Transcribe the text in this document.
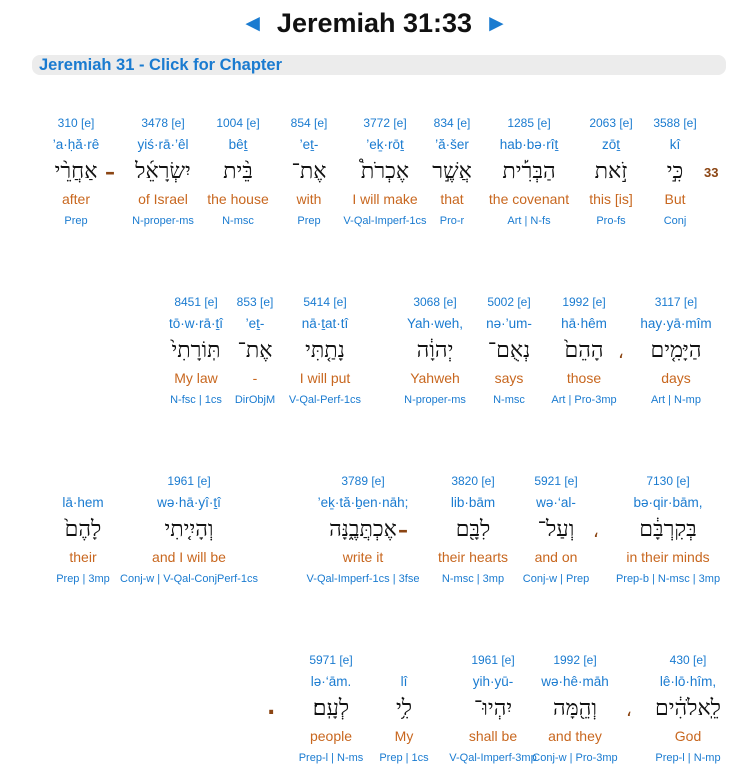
◄ Jeremiah 31:33 ►
Jeremiah 31 - Click for Chapter
33
3588 [e]
kî
כִּ֣י
But
Conj
2063 [e]
zōṯ
זֹ֣את
this [is]
Pro-fs
1285 [e]
hab·bə·rîṯ
הַבְּרִ֡ית
the covenant
Art | N-fs
834 [e]
’ă·šer
אֲשֶׁ֣ר
that
Pro-r
3772 [e]
’eḵ·rōṯ
אֶכְרֹת֩
I will make
V-Qal-Imperf-1cs
854 [e]
’eṯ-
אֶת־
with
Prep
1004 [e]
bêṯ
בֵּ֨ית
the house
N-msc
3478 [e]
yiś·rā·’êl
יִשְׂרָאֵ֜ל
of Israel
N-proper-ms
310 [e]
’a·ḥă·rê
אַחֲרֵ֨י
after
Prep
3117 [e]
hay·yā·mîm
הַיָּמִ֤ים
days
Art | N-mp
1992 [e]
hā·hêm
הָהֵם֙
those
Art | Pro-3mp
5002 [e]
nə·’um-
נְאֻם־
says
N-msc
3068 [e]
Yah·weh,
יְהוָ֔ה
Yahweh
N-proper-ms
5414 [e]
nā·ṯat·tî
נָתַ֤תִּי
I will put
V-Qal-Perf-1cs
853 [e]
’eṯ-
אֶת־
-
DirObjM
8451 [e]
tō·w·rā·ṯî
תּֽוֹרָתִי֙
My law
N-fsc | 1cs
7130 [e]
bə·qir·bām,
בְּקִרְבָּ֔ם
in their minds
Prep-b | N-msc | 3mp
5921 [e]
wə·‘al-
וְעַל־
and on
Conj-w | Prep
3820 [e]
lib·bām
לִבָּ֖ם
their hearts
N-msc | 3mp
3789 [e]
’eḵ·tă·ḇen·nāh;
אֶכְתֲּבֶ֑נָּה
write it
V-Qal-Imperf-1cs | 3fse
1961 [e]
wə·hā·yî·ṯî
וְהָיִ֤יתִי
and I will be
Conj-w | V-Qal-ConjPerf-1cs
lā·hem
לָהֶם֙
their
Prep | 3mp
430 [e]
lê·lō·hîm,
לֵֽאלֹהִ֔ים
God
Prep-l | N-mp
1992 [e]
wə·hê·māh
וְהֵ֖מָּה
and they
Conj-w | Pro-3mp
1961 [e]
yih·yū-
יִהְיוּ־
shall be
V-Qal-Imperf-3mp
lî
לִ֥י
My
Prep | 1cs
5971 [e]
lə·‘ām.
לְעָֽם׃
people
Prep-l | N-ms
–
،
،
–
،
.
